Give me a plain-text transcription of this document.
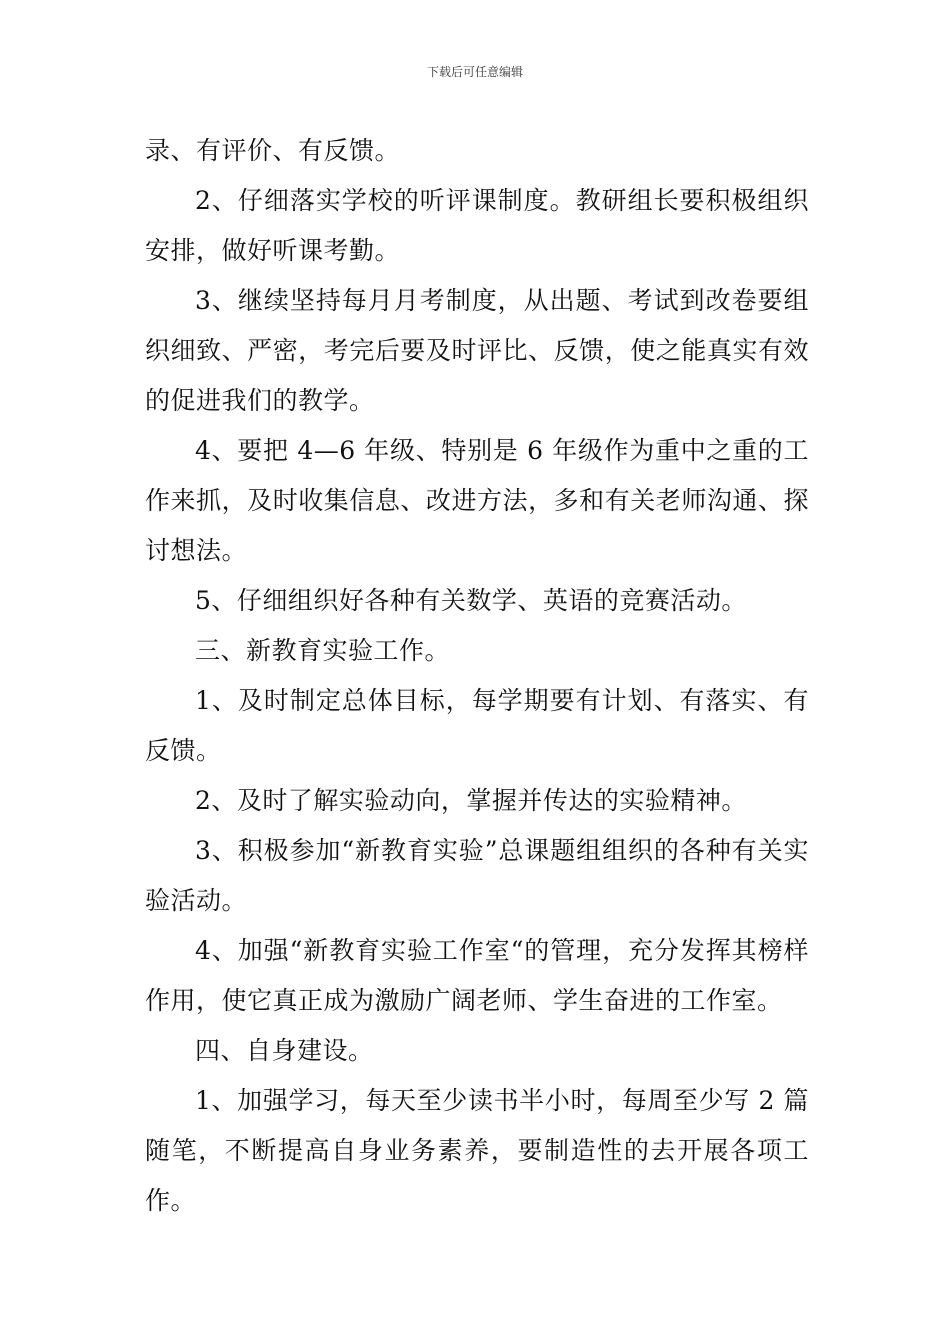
下载后可任意编辑

录、有评价、有反馈。

2、仔细落实学校的听评课制度。教研组长要积极组织安排，做好听课考勤。

3、继续坚持每月月考制度，从出题、考试到改卷要组织细致、严密，考完后要及时评比、反馈，使之能真实有效的促进我们的教学。

4、要把 4—6 年级、特别是 6 年级作为重中之重的工作来抓，及时收集信息、改进方法，多和有关老师沟通、探讨想法。

5、仔细组织好各种有关数学、英语的竞赛活动。

三、新教育实验工作。

1、及时制定总体目标，每学期要有计划、有落实、有反馈。

2、及时了解实验动向，掌握并传达的实验精神。

3、积极参加“新教育实验”总课题组组织的各种有关实验活动。

4、加强“新教育实验工作室“的管理，充分发挥其榜样作用，使它真正成为激励广阔老师、学生奋进的工作室。

四、自身建设。

1、加强学习，每天至少读书半小时，每周至少写 2 篇随笔，不断提高自身业务素养，要制造性的去开展各项工作。
